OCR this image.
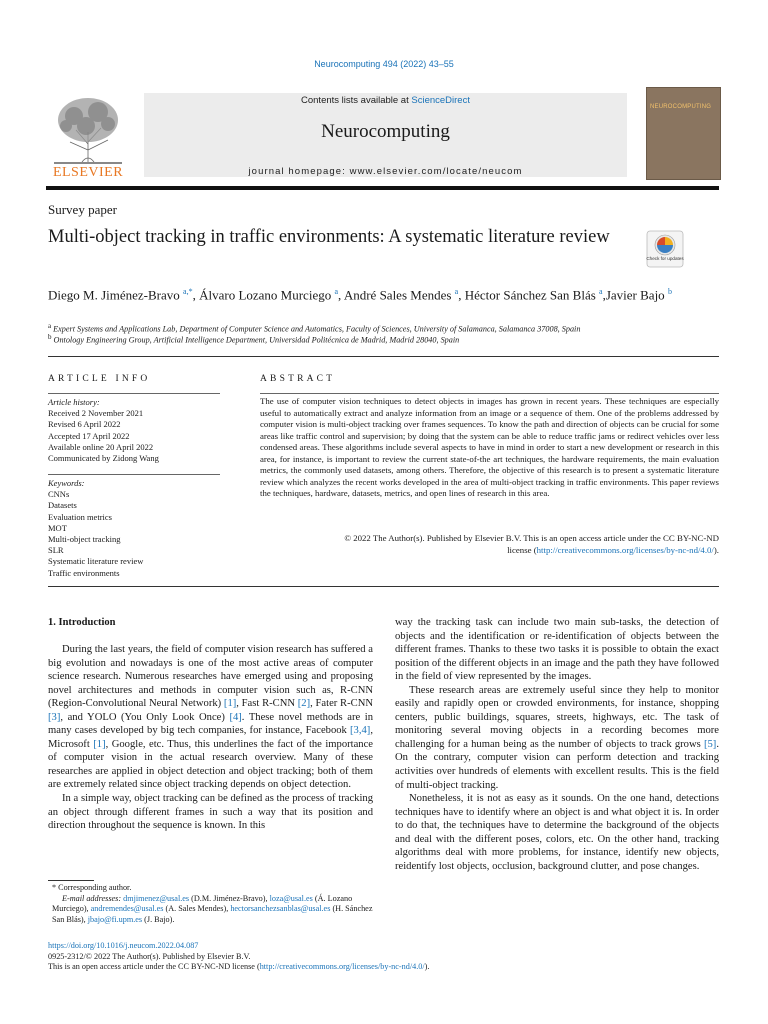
Neurocomputing 494 (2022) 43–55
ELSEVIER
Contents lists available at ScienceDirect
Neurocomputing
journal homepage: www.elsevier.com/locate/neucom
NEUROCOMPUTING
Survey paper
Multi-object tracking in traffic environments: A systematic literature review
Check for updates
Diego M. Jiménez-Bravo $^{a,*}$, Álvaro Lozano Murciego $^a$, André Sales Mendes $^a$, Héctor Sánchez San Blás $^a$,Javier Bajo $^b$
$^a$ Expert Systems and Applications Lab, Department of Computer Science and Automatics, Faculty of Sciences, University of Salamanca, Salamanca 37008, Spain
$^b$ Ontology Engineering Group, Artificial Intelligence Department, Universidad Politécnica de Madrid, Madrid 28040, Spain
ARTICLE INFO
Article history:
Received 2 November 2021
Revised 6 April 2022
Accepted 17 April 2022
Available online 20 April 2022
Communicated by Zidong Wang
Keywords:
CNNs
Datasets
Evaluation metrics
MOT
Multi-object tracking
SLR
Systematic literature review
Traffic environments
ABSTRACT
The use of computer vision techniques to detect objects in images has grown in recent years. These techniques are especially useful to automatically extract and analyze information from an image or a sequence of them. One of the problems addressed by computer vision is multi-object tracking over frames sequences. To know the path and direction of objects can be crucial for some areas like traffic control and supervision; by doing that the system can be able to reduce traffic jams or redirect vehicles over less condensed areas. These algorithms include several aspects to have in mind in order to start a new development or research in this area, for instance, is important to review the current state-of-the art techniques, the hardware requirements, the main evaluation metrics, the commonly used datasets, among others. Therefore, the objective of this research is to present a systematic literature review which analyzes the recent works developed in the area of multi-object tracking in traffic environments. This paper reviews the techniques, hardware, datasets, metrics, and open lines of research in this area.
© 2022 The Author(s). Published by Elsevier B.V. This is an open access article under the CC BY-NC-ND
license (http://creativecommons.org/licenses/by-nc-nd/4.0/).
1. Introduction

During the last years, the field of computer vision research has suffered a big evolution and nowadays is one of the most active areas of computer science research. Numerous researches have emerged using and proposing novel architectures and methods in computer vision such as, R-CNN (Region-Convolutional Neural Network) [1], Fast R-CNN [2], Fater R-CNN [3], and YOLO (You Only Look Once) [4]. These novel methods are in many cases developed by big tech companies, for instance, Facebook [3,4], Microsoft [1], Google, etc. Thus, this underlines the fact of the importance of computer vision in the actual research overview. Many of these researches are applied in object detection and object tracking; both of them are extremely related since object tracking depends on object detection.

In a simple way, object tracking can be defined as the process of tracking an object through different frames in such a way that its position and direction throughout the sequence is known. In this

way the tracking task can include two main sub-tasks, the detection of objects and the identification or re-identification of objects between the different frames. Thanks to these two tasks it is possible to obtain the exact position of the different objects in an image and the path they have followed in the field of view represented by the images.

These research areas are extremely useful since they help to monitor easily and rapidly open or crowded environments, for instance, shopping centers, public buildings, squares, streets, highways, etc. The task of monitoring several moving objects in a recording becomes more challenging for a human being as the number of objects to track grows [5]. On the contrary, computer vision can perform detection and tracking activities over hundreds of elements with excellent results. This is the field of multi-object tracking.

Nonetheless, it is not as easy as it sounds. On the one hand, detections techniques have to identify where an object is and what object it is. In order to do that, the techniques have to determine the background of the objects and deal with the different poses, colors, etc. On the other hand, tracking algorithms deal with more problems, for instance, identify new objects, reidentify lost objects, occlusion, background clutter, and pose changes.

* Corresponding author.
E-mail addresses: dmjimenez@usal.es (D.M. Jiménez-Bravo), loza@usal.es (Á. Lozano Murciego), andremendes@usal.es (A. Sales Mendes), hectorsanchezsanblas@usal.es (H. Sánchez San Blás), jbajo@fi.upm.es (J. Bajo).
https://doi.org/10.1016/j.neucom.2022.04.087
0925-2312/© 2022 The Author(s). Published by Elsevier B.V.
This is an open access article under the CC BY-NC-ND license (http://creativecommons.org/licenses/by-nc-nd/4.0/).
